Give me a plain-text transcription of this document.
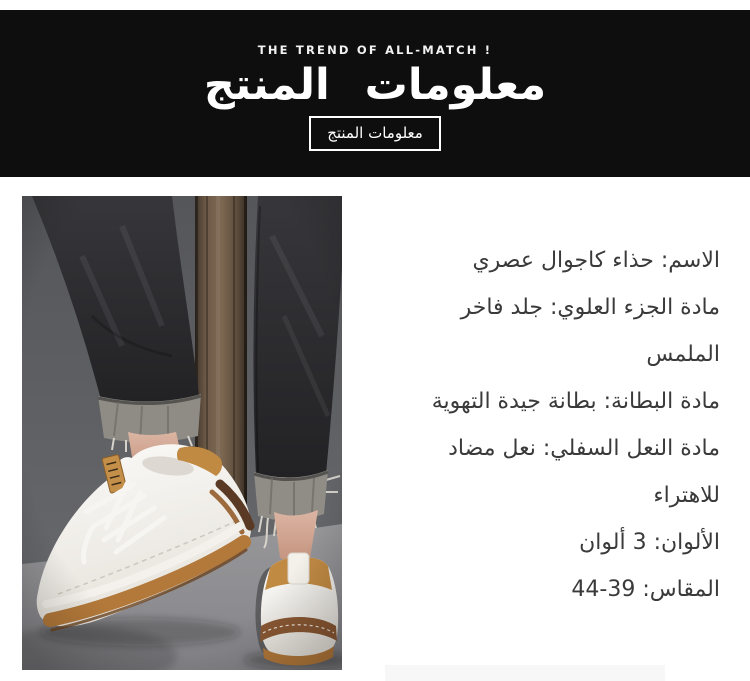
THE TREND OF ALL-MATCH !
معلومات المنتج
معلومات المنتج
الاسم: حذاء كاجوال عصري
مادة الجزء العلوي: جلد فاخر
الملمس
مادة البطانة: بطانة جيدة التهوية
مادة النعل السفلي: نعل مضاد
للاهتراء
الألوان: 3 ألوان
المقاس: 39-44
